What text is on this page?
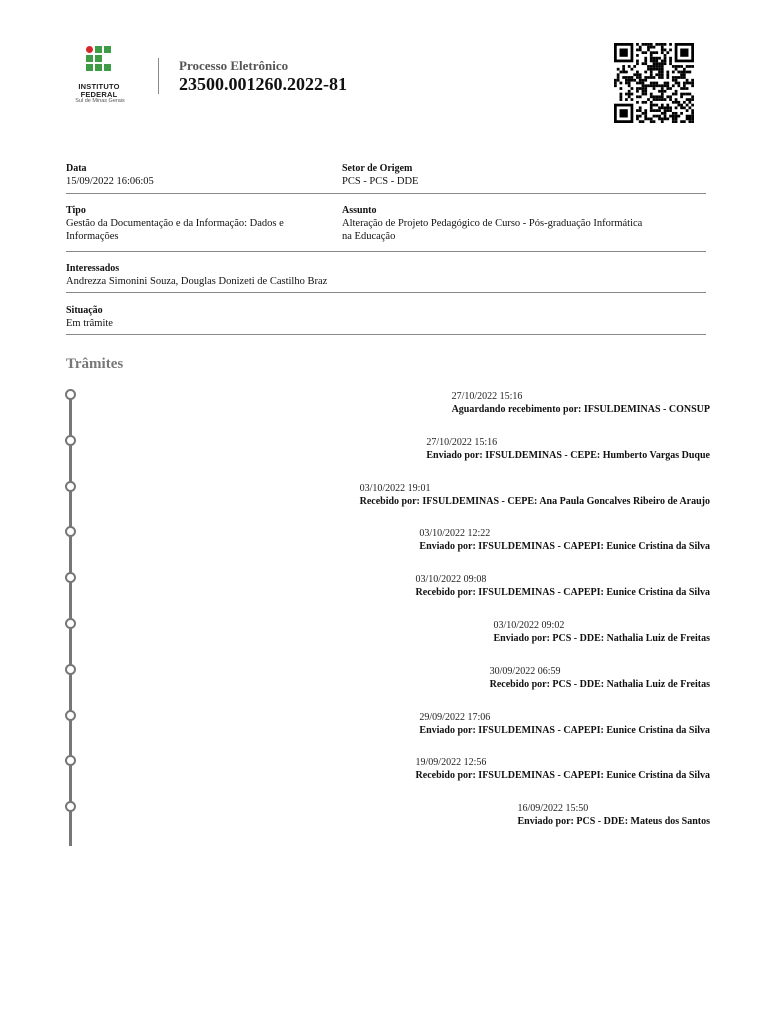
INSTITUTO
FEDERAL
Sul de Minas Gerais
Processo Eletrônico
23500.001260.2022-81
Data
15/09/2022 16:06:05
Setor de Origem
PCS - PCS - DDE
Tipo
Gestão da Documentação e da Informação: Dados e
Informações
Assunto
Alteração de Projeto Pedagógico de Curso - Pós-graduação Informática
na Educação
Interessados
Andrezza Simonini Souza, Douglas Donizeti de Castilho Braz
Situação
Em trâmite
Trâmites
27/10/2022 15:16
Aguardando recebimento por: IFSULDEMINAS - CONSUP
27/10/2022 15:16
Enviado por: IFSULDEMINAS - CEPE: Humberto Vargas Duque
03/10/2022 19:01
Recebido por: IFSULDEMINAS - CEPE: Ana Paula Goncalves Ribeiro de Araujo
03/10/2022 12:22
Enviado por: IFSULDEMINAS - CAPEPI: Eunice Cristina da Silva
03/10/2022 09:08
Recebido por: IFSULDEMINAS - CAPEPI: Eunice Cristina da Silva
03/10/2022 09:02
Enviado por: PCS - DDE: Nathalia Luiz de Freitas
30/09/2022 06:59
Recebido por: PCS - DDE: Nathalia Luiz de Freitas
29/09/2022 17:06
Enviado por: IFSULDEMINAS - CAPEPI: Eunice Cristina da Silva
19/09/2022 12:56
Recebido por: IFSULDEMINAS - CAPEPI: Eunice Cristina da Silva
16/09/2022 15:50
Enviado por: PCS - DDE: Mateus dos Santos
